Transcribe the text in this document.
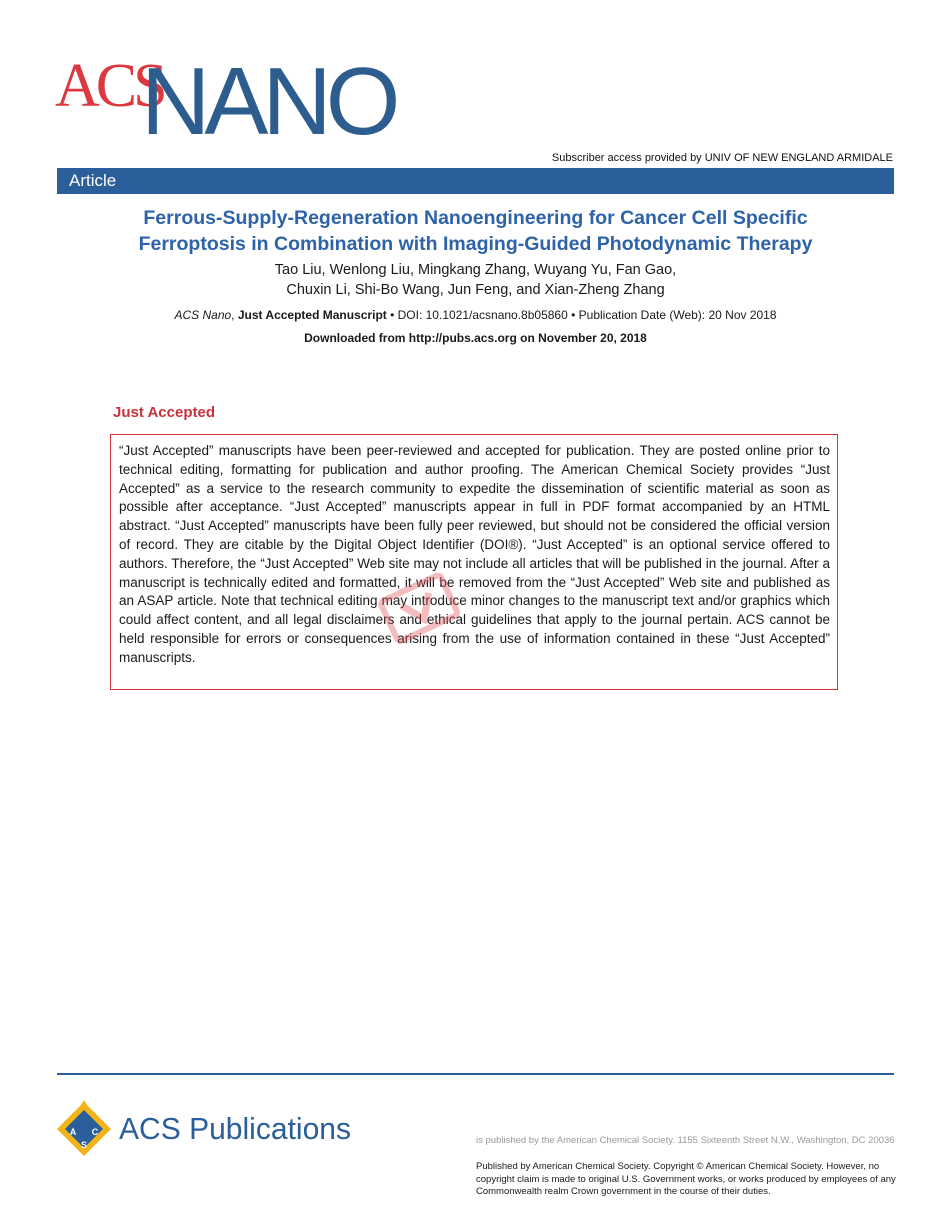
ACS
NANO
Subscriber access provided by UNIV OF NEW ENGLAND ARMIDALE
Article
Ferrous-Supply-Regeneration Nanoengineering for Cancer Cell Specific
Ferroptosis in Combination with Imaging-Guided Photodynamic Therapy
Tao Liu, Wenlong Liu, Mingkang Zhang, Wuyang Yu, Fan Gao,
Chuxin Li, Shi-Bo Wang, Jun Feng, and Xian-Zheng Zhang
ACS Nano, Just Accepted Manuscript • DOI: 10.1021/acsnano.8b05860 • Publication Date (Web): 20 Nov 2018
Downloaded from http://pubs.acs.org on November 20, 2018
Just Accepted
“Just Accepted” manuscripts have been peer-reviewed and accepted for publication. They are posted online prior to technical editing, formatting for publication and author proofing. The American Chemical Society provides “Just Accepted” as a service to the research community to expedite the dissemination of scientific material as soon as possible after acceptance. “Just Accepted” manuscripts appear in full in PDF format accompanied by an HTML abstract. “Just Accepted” manuscripts have been fully peer reviewed, but should not be considered the official version of record. They are citable by the Digital Object Identifier (DOI®). “Just Accepted” is an optional service offered to authors. Therefore, the “Just Accepted” Web site may not include all articles that will be published in the journal. After a manuscript is technically edited and formatted, it will be removed from the “Just Accepted” Web site and published as an ASAP article. Note that technical editing may introduce minor changes to the manuscript text and/or graphics which could affect content, and all legal disclaimers and ethical guidelines that apply to the journal pertain. ACS cannot be held responsible for errors or consequences arising from the use of information contained in these “Just Accepted” manuscripts.
A C
S ACS Publications	is published by the American Chemical Society. 1155 Sixteenth Street N.W., Washington, DC 20036
Published by American Chemical Society. Copyright © American Chemical Society. However, no copyright claim is made to original U.S. Government works, or works produced by employees of any Commonwealth realm Crown government in the course of their duties.
